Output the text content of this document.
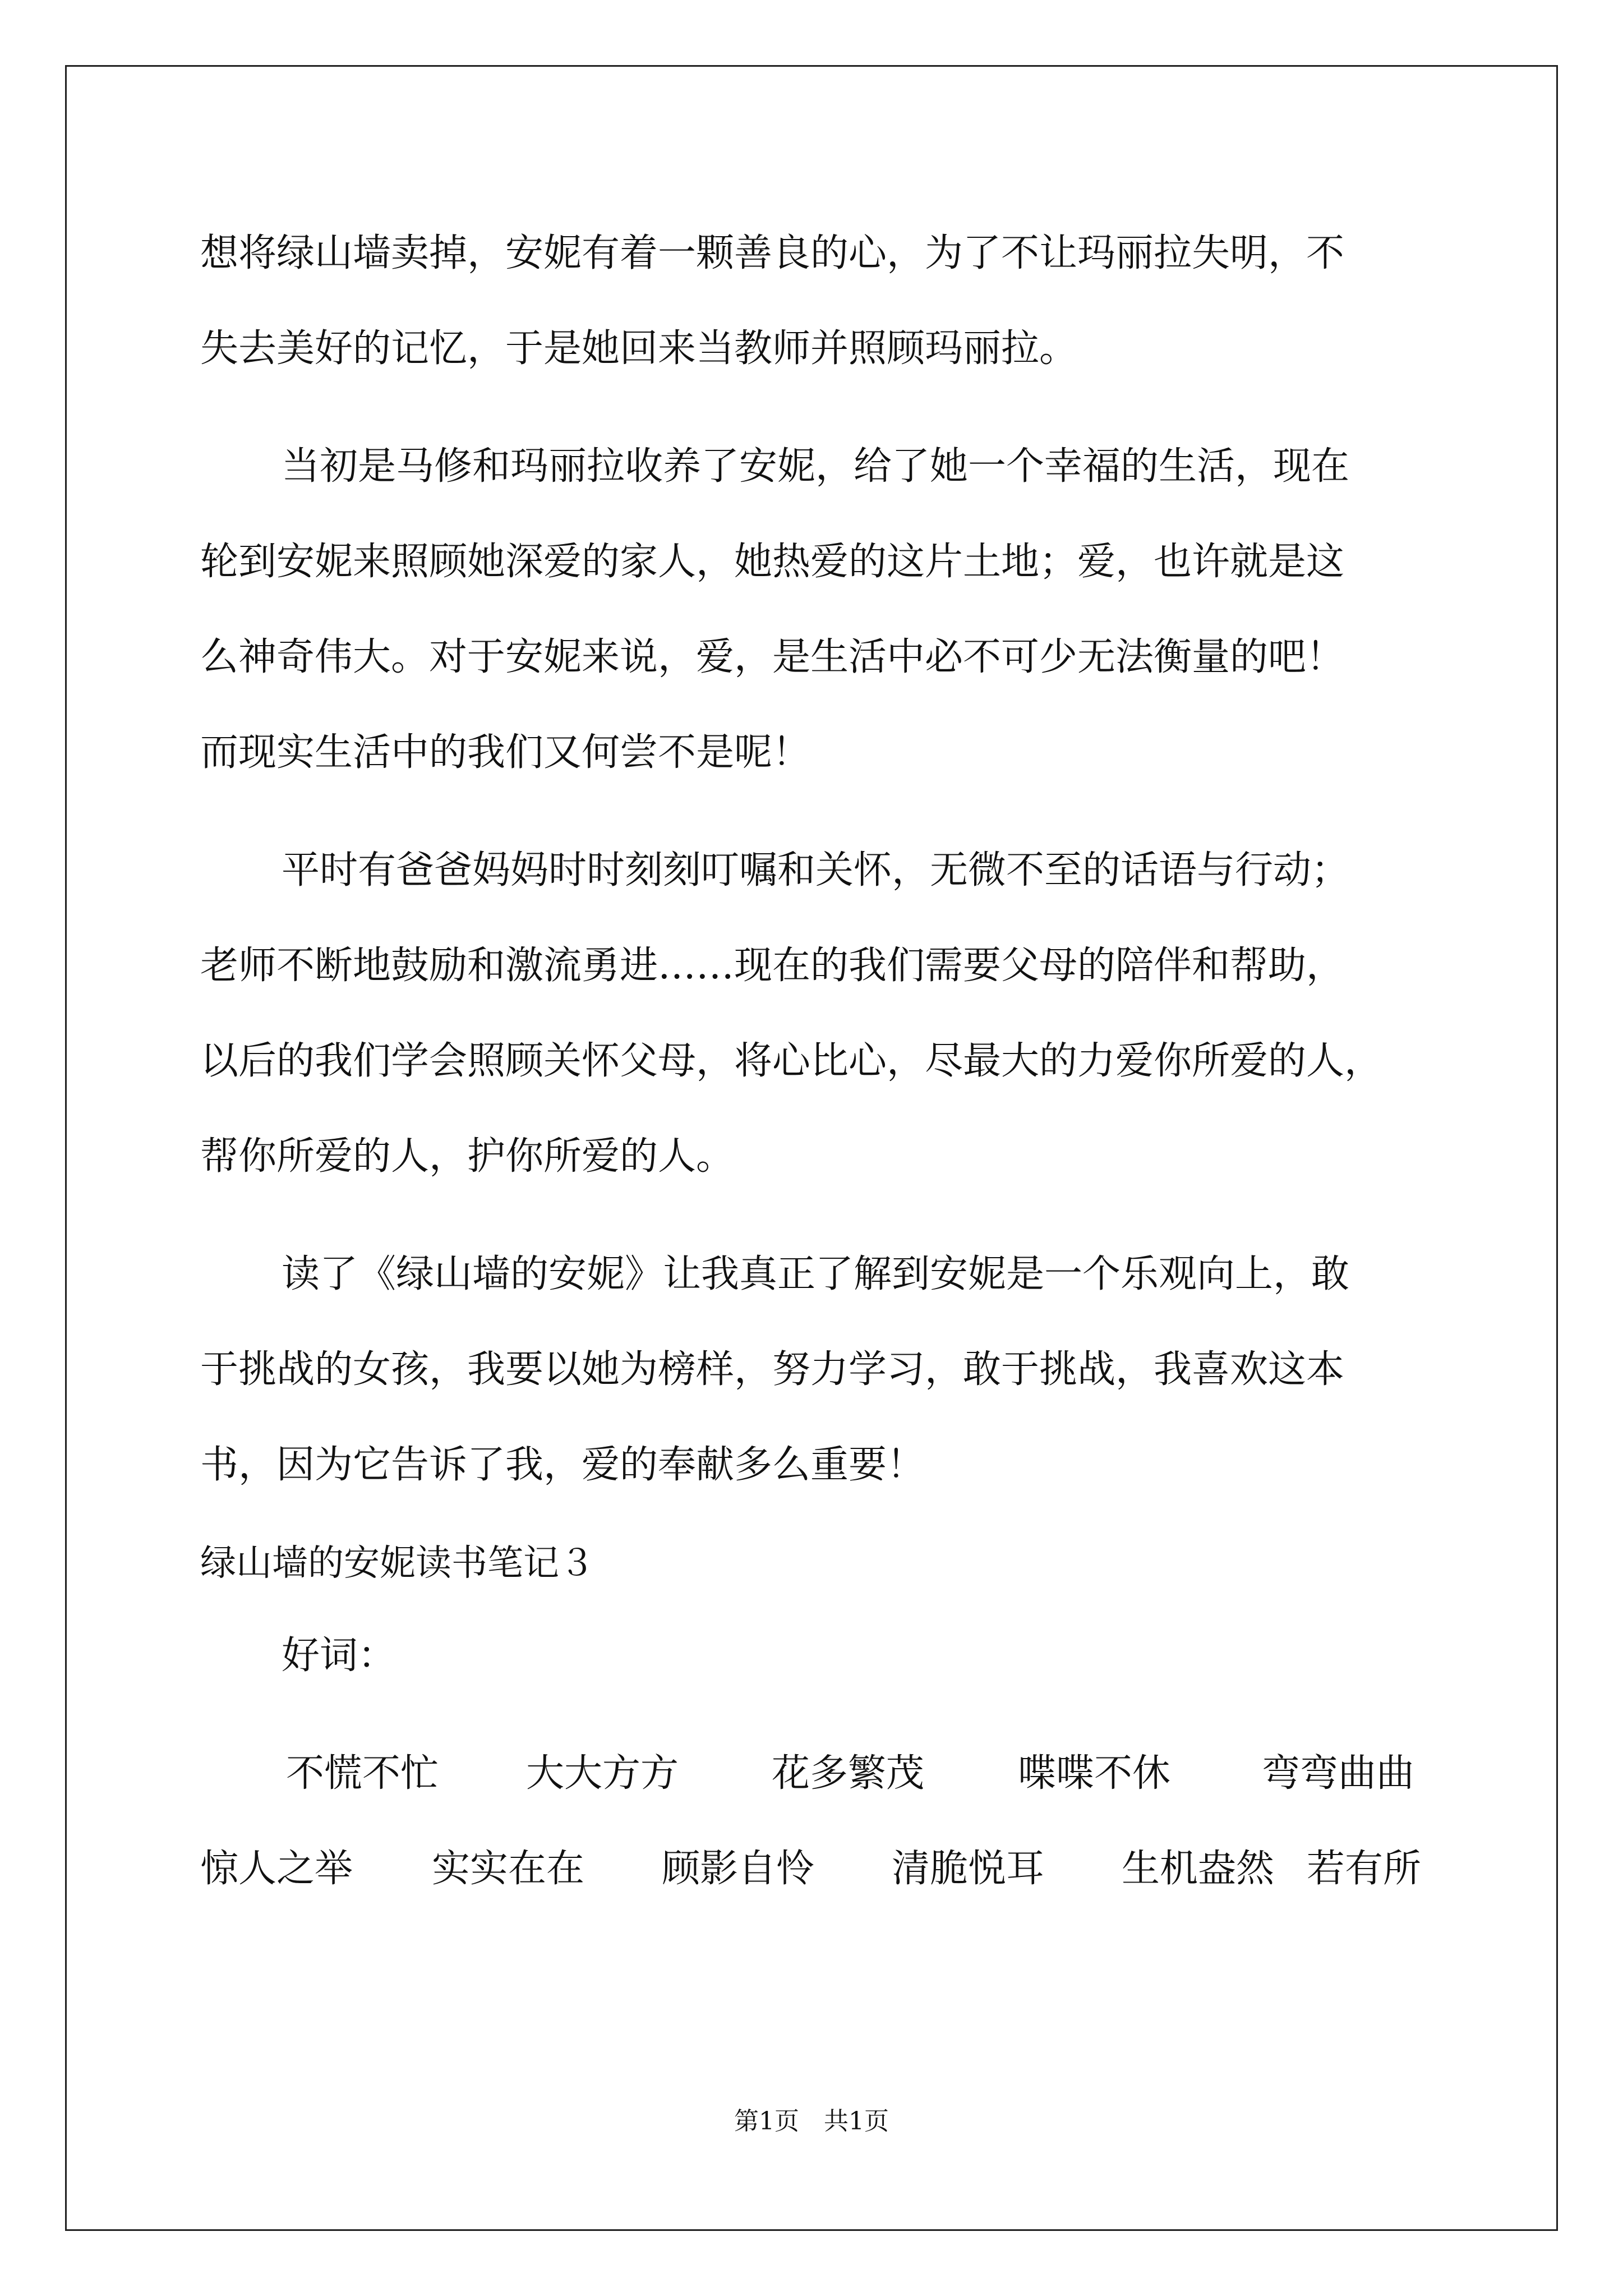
想将绿山墙卖掉，安妮有着一颗善良的心，为了不让玛丽拉失明，不

失去美好的记忆，于是她回来当教师并照顾玛丽拉。

当初是马修和玛丽拉收养了安妮，给了她一个幸福的生活，现在

轮到安妮来照顾她深爱的家人，她热爱的这片土地；爱，也许就是这

么神奇伟大。对于安妮来说，爱，是生活中必不可少无法衡量的吧！

而现实生活中的我们又何尝不是呢！

平时有爸爸妈妈时时刻刻叮嘱和关怀，无微不至的话语与行动；

老师不断地鼓励和激流勇进……现在的我们需要父母的陪伴和帮助，

以后的我们学会照顾关怀父母，将心比心，尽最大的力爱你所爱的人，

帮你所爱的人，护你所爱的人。

读了《绿山墙的安妮》让我真正了解到安妮是一个乐观向上，敢

于挑战的女孩，我要以她为榜样，努力学习，敢于挑战，我喜欢这本

书，因为它告诉了我，爱的奉献多么重要！

绿山墙的安妮读书笔记３

好词：

不慌不忙 大大方方 花多繁茂 喋喋不休 弯弯曲曲

惊人之举 实实在在 顾影自怜 清脆悦耳 生机盎然 若有所

第1页　共1页
